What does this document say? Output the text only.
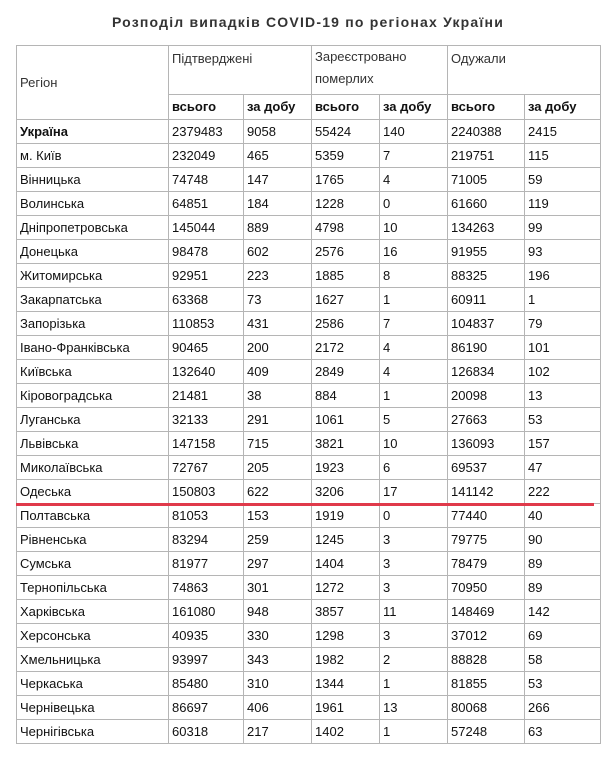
Розподіл випадків COVID-19 по регіонах України
Регіон	Підтверджені		Зареєстровано померлих		Одужали	
	всього	за добу	всього	за добу	всього	за добу
Україна	2379483	9058	55424	140	2240388	2415
м. Київ	232049	465	5359	7	219751	115
Вінницька	74748	147	1765	4	71005	59
Волинська	64851	184	1228	0	61660	119
Дніпропетровська	145044	889	4798	10	134263	99
Донецька	98478	602	2576	16	91955	93
Житомирська	92951	223	1885	8	88325	196
Закарпатська	63368	73	1627	1	60911	1
Запорізька	110853	431	2586	7	104837	79
Івано-Франківська	90465	200	2172	4	86190	101
Київська	132640	409	2849	4	126834	102
Кіровоградська	21481	38	884	1	20098	13
Луганська	32133	291	1061	5	27663	53
Львівська	147158	715	3821	10	136093	157
Миколаївська	72767	205	1923	6	69537	47
Одеська	150803	622	3206	17	141142	222
Полтавська	81053	153	1919	0	77440	40
Рівненська	83294	259	1245	3	79775	90
Сумська	81977	297	1404	3	78479	89
Тернопільська	74863	301	1272	3	70950	89
Харківська	161080	948	3857	11	148469	142
Херсонська	40935	330	1298	3	37012	69
Хмельницька	93997	343	1982	2	88828	58
Черкаська	85480	310	1344	1	81855	53
Чернівецька	86697	406	1961	13	80068	266
Чернігівська	60318	217	1402	1	57248	63
